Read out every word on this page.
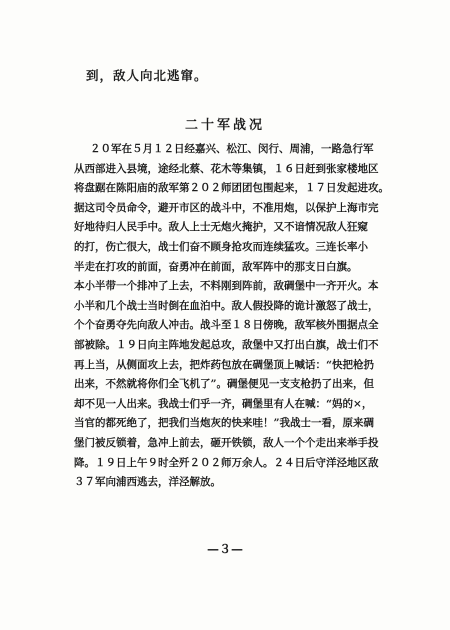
到，敌人向北逃窜。
二十军战况
２０军在５月１２日经嘉兴、松江、闵行、周浦，一路急行军
从西部进入县境，途经北蔡、花木等集镇，１６日赶到张家楼地区
将盘踞在陈阳庙的敌军第２０２师团团包围起来，１７日发起进攻。
据这司令员命令，避开市区的战斗中，不准用炮，以保护上海市完
好地待归人民手中。敌人上士无炮火掩护，又不谙情况敌人狂窥
的打，伤亡很大，战士们奋不顾身抢攻而连续猛攻。三连长率小
半走在打攻的前面，奋勇冲在前面，敌军阵中的那支日白旗。
本小半带一个排冲了上去，不料刚到阵前，敌碉堡中一齐开火。本
小半和几个战士当时倒在血泊中。敌人假投降的诡计激怒了战士，
个个奋勇夺先向敌人冲击。战斗至１８日傍晚，敌军核外围据点全
部被除。１９日向主阵地发起总攻，敌堡中又打出白旗，战士们不
再上当，从侧面攻上去，把炸药包放在碉堡顶上喊话：“快把枪扔
出来，不然就将你们全飞机了”。碉堡便见一支支枪扔了出来，但
却不见一人出来。我战士们乎一齐，碉堡里有人在喊：“妈的×，
当官的都死绝了，把我们当炮灰的快来哇！”我战士一看，原来碉
堡门被反锁着，急冲上前去，砸开铁锁，敌人一个个走出来举手投
降。１９日上午９时全歼２０２师万余人。２４日后守洋泾地区敌
３７军向浦西逃去，洋泾解放。
—３—
